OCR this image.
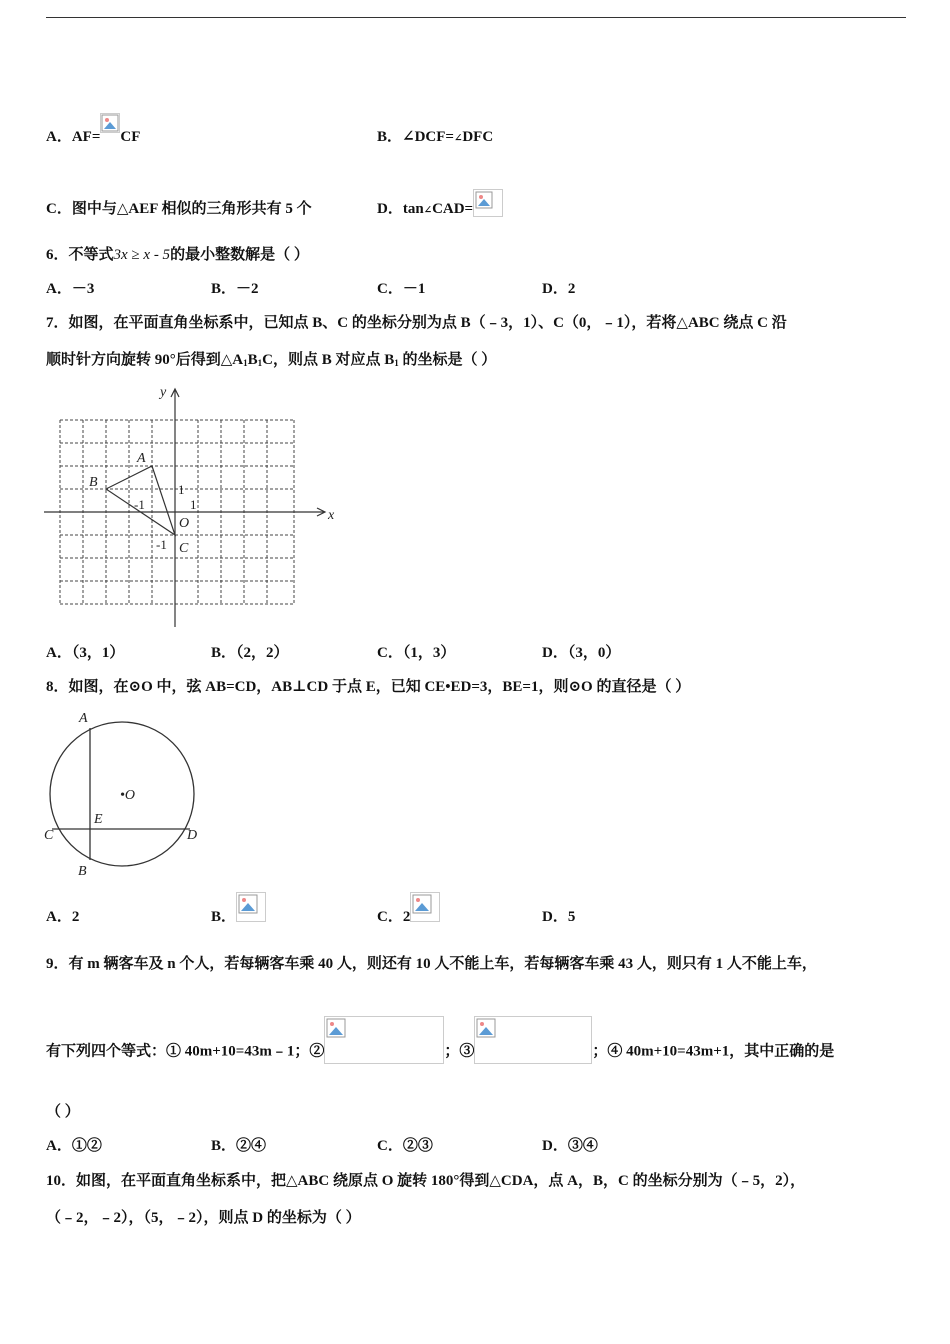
A．AF= CF	B．∠DCF=∠DFC
C．图中与△AEF 相似的三角形共有 5 个	D．tan∠CAD=
6．不等式3x ≥ x - 5的最小整数解是（ ）
A．－3	B．－2	C．－1	D．2
7．如图，在平面直角坐标系中，已知点 B、C 的坐标分别为点 B（﹣3，1）、C（0，﹣1），若将△ABC 绕点 C 沿
顺时针方向旋转 90°后得到$\triangle A_1B_1C$，则点 B 对应点 $B_1$ 的坐标是（ ）
y
x
A
B
C
O
-1
-1
1
1
A．（3，1）	B．（2，2）	C．（1，3）	D．（3，0）
8．如图，在⊙O 中，弦 AB=CD，AB⊥CD 于点 E，已知 CE•ED=3，BE=1，则⊙O 的直径是（ ）
A
B
C	D
E
•O
A．2	B．	C．2	D．5
9．有 m 辆客车及 n 个人，若每辆客车乘 40 人，则还有 10 人不能上车，若每辆客车乘 43 人，则只有 1 人不能上车，
有下列四个等式：① 40m+10=43m﹣1；②	；③	；④ 40m+10=43m+1，其中正确的是
（ ）
A．①②	B．②④	C．②③	D．③④
10．如图，在平面直角坐标系中，把△ABC 绕原点 O 旋转 180°得到△CDA，点 A，B，C 的坐标分别为（﹣5，2），
（﹣2，﹣2），（5，﹣2），则点 D 的坐标为（ ）
